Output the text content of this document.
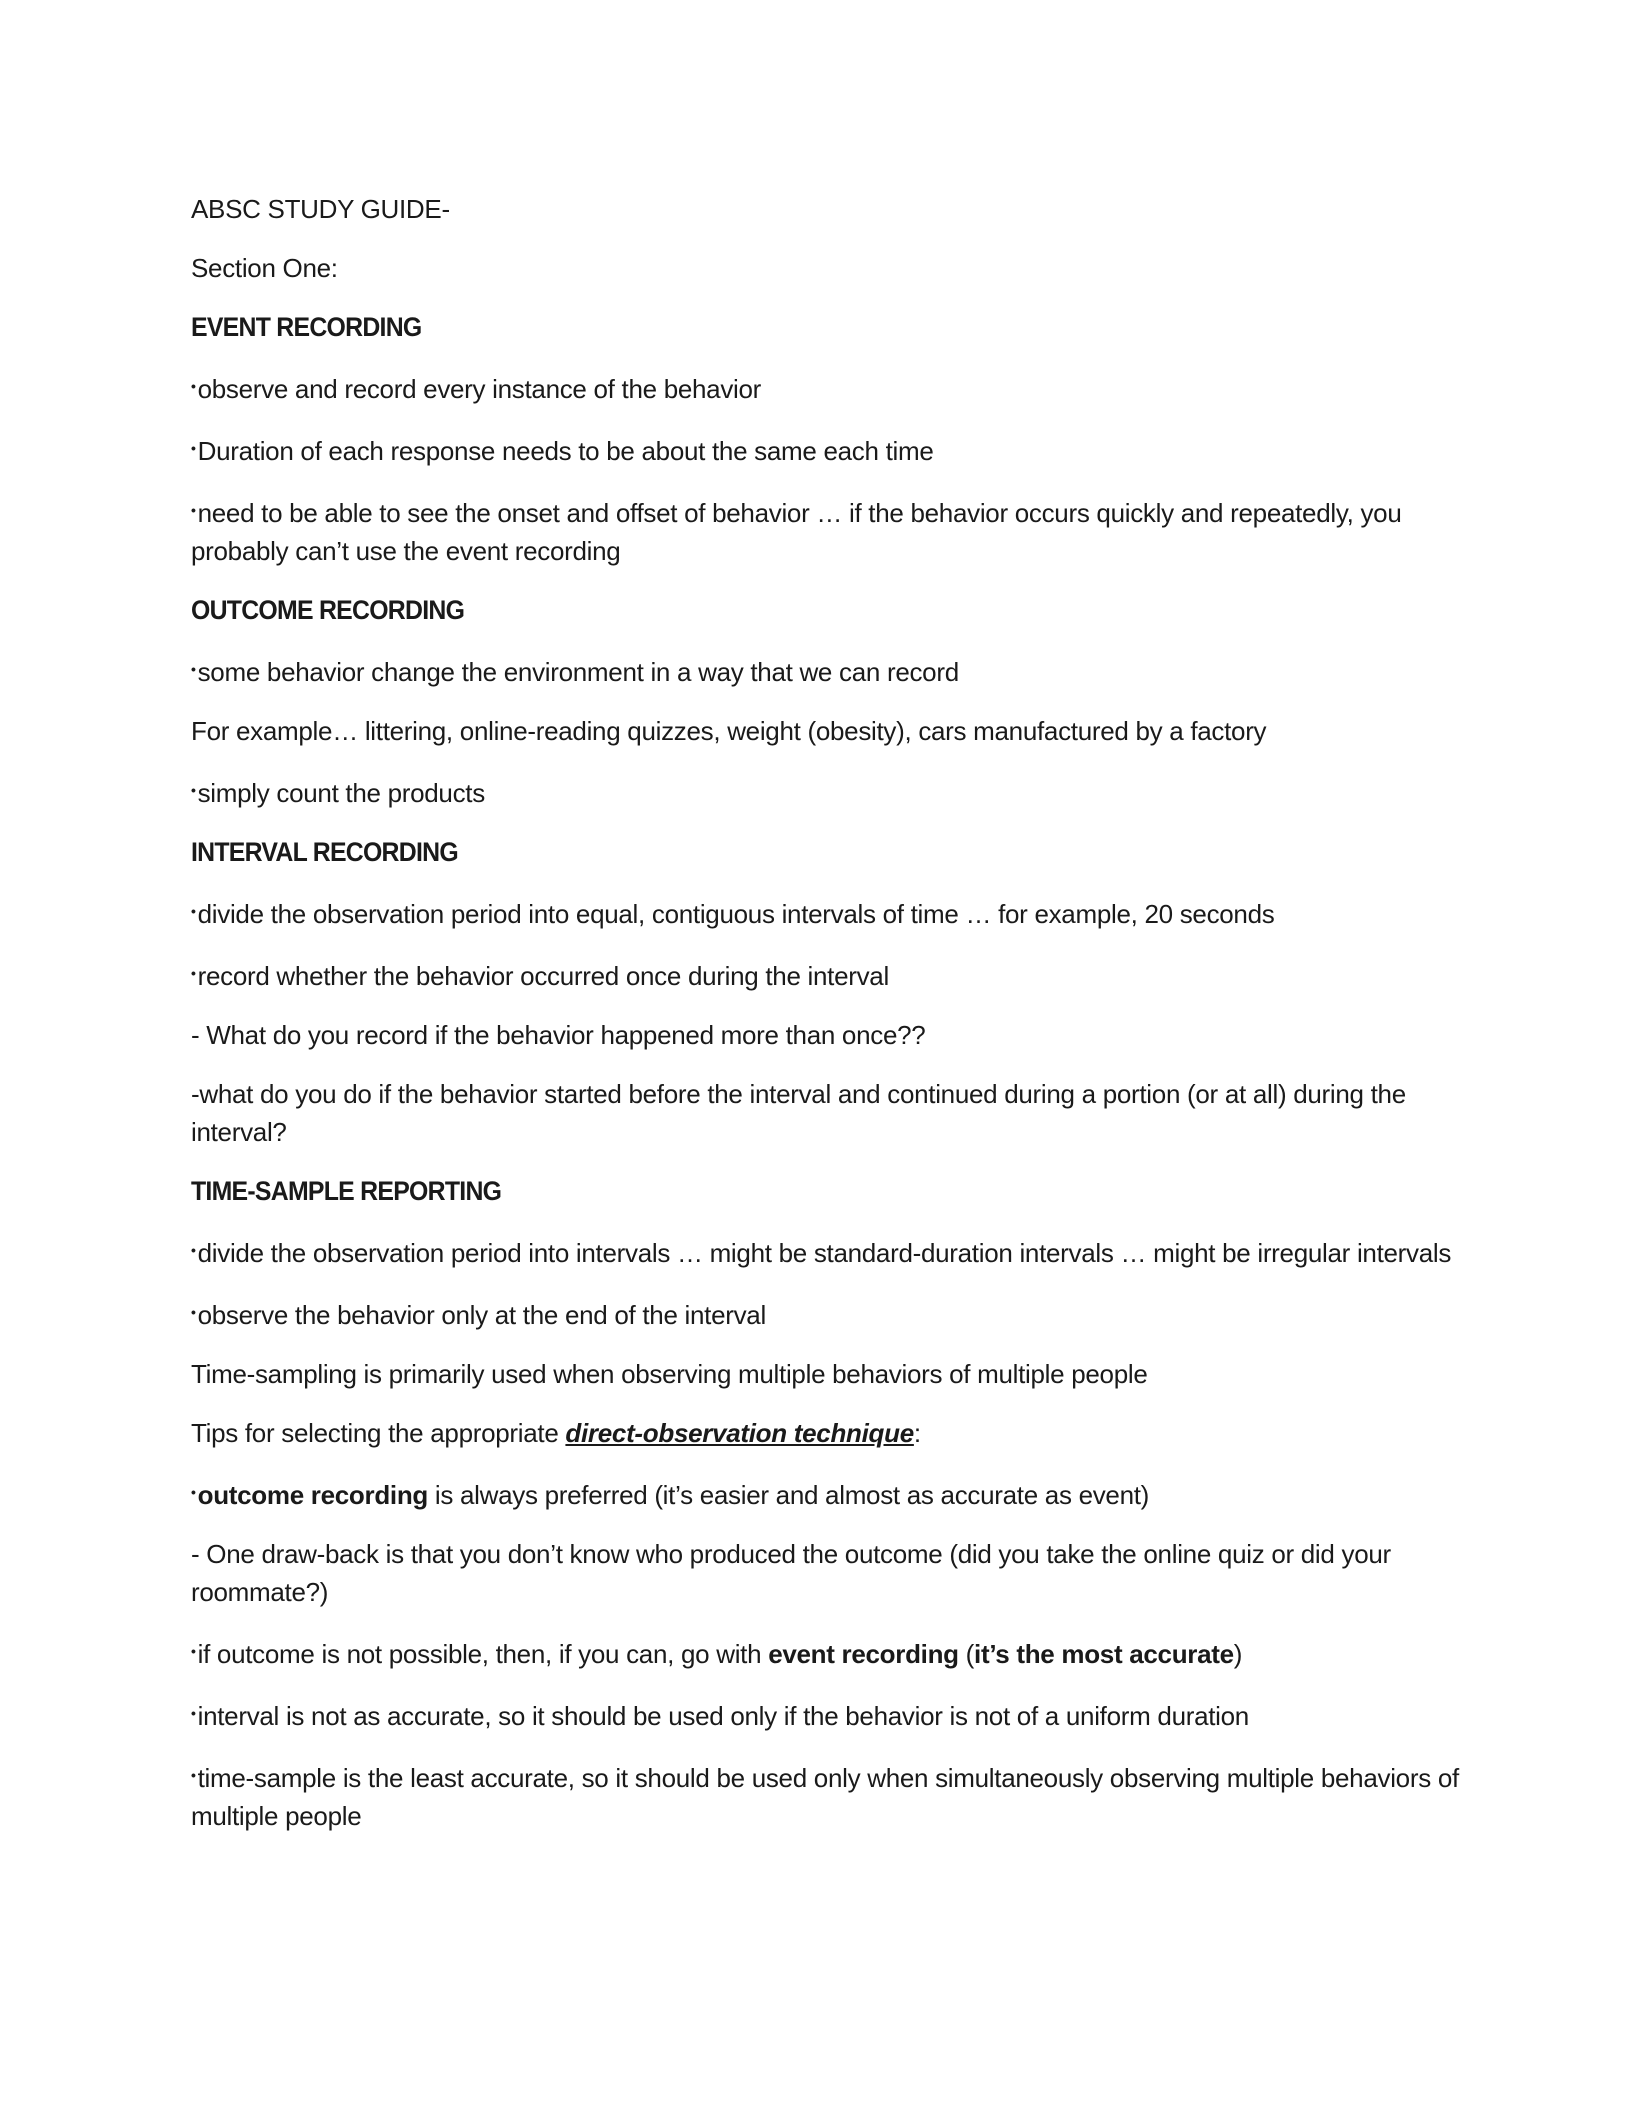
ABSC STUDY GUIDE-

Section One:

EVENT RECORDING

•observe and record every instance of the behavior

•Duration of each response needs to be about the same each time

•need to be able to see the onset and offset of behavior … if the behavior occurs quickly and repeatedly, you probably can’t use the event recording

OUTCOME RECORDING

•some behavior change the environment in a way that we can record

For example… littering, online-reading quizzes, weight (obesity), cars manufactured by a factory

•simply count the products

INTERVAL RECORDING

•divide the observation period into equal, contiguous intervals of time … for example, 20 seconds

•record whether the behavior occurred once during the interval

- What do you record if the behavior happened more than once??

-what do you do if the behavior started before the interval and continued during a portion (or at all) during the interval?

TIME-SAMPLE REPORTING

•divide the observation period into intervals … might be standard-duration intervals … might be irregular intervals

•observe the behavior only at the end of the interval

Time-sampling is primarily used when observing multiple behaviors of multiple people

Tips for selecting the appropriate direct-observation technique:

•outcome recording is always preferred (it’s easier and almost as accurate as event)

- One draw-back is that you don’t know who produced the outcome (did you take the online quiz or did your roommate?)

•if outcome is not possible, then, if you can, go with event recording (it’s the most accurate)

•interval is not as accurate, so it should be used only if the behavior is not of a uniform duration

•time-sample is the least accurate, so it should be used only when simultaneously observing multiple behaviors of multiple people
